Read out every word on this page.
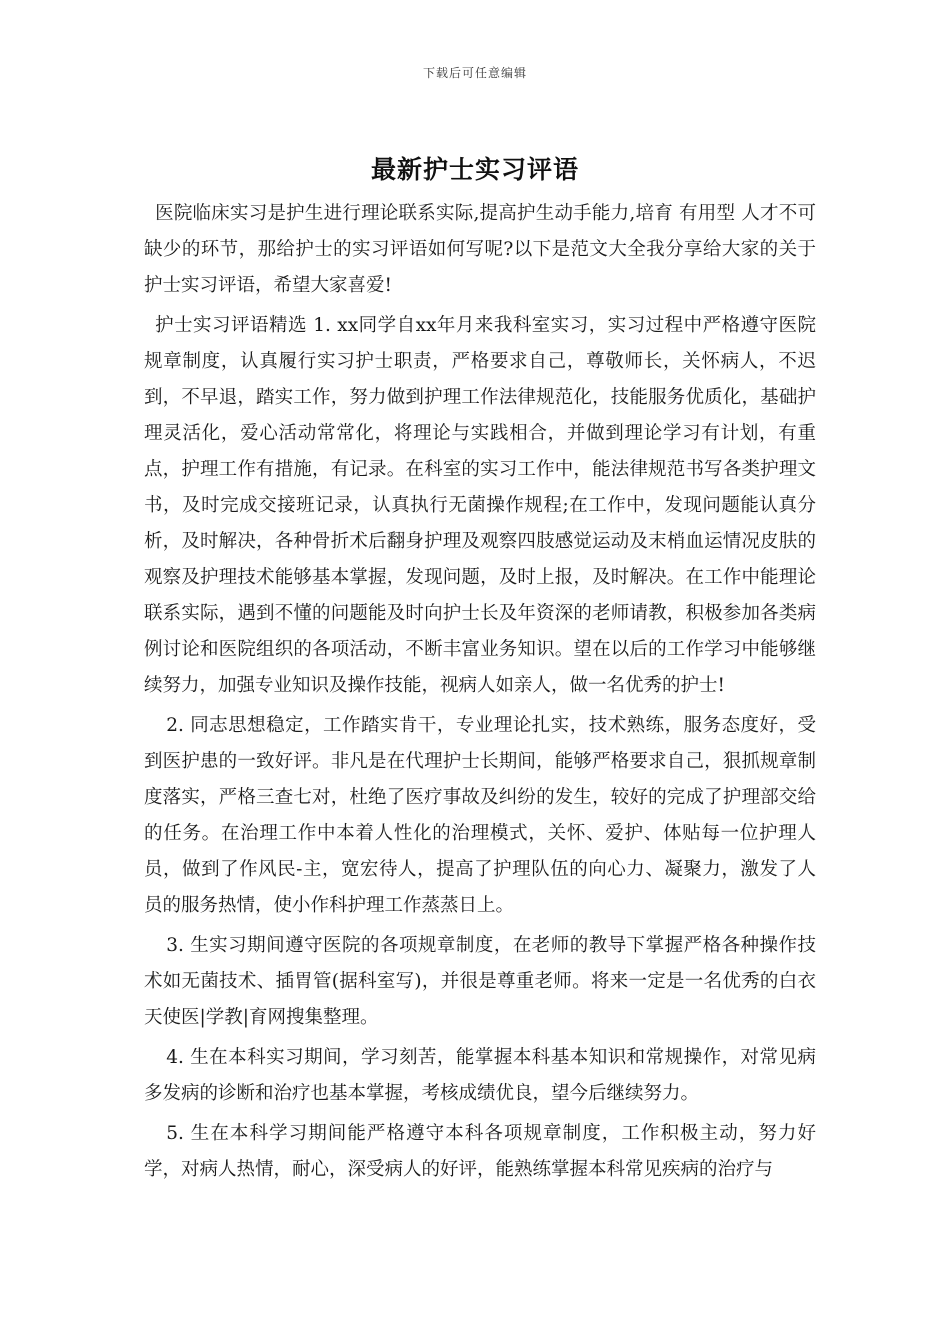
下载后可任意编辑
最新护士实习评语

医院临床实习是护生进行理论联系实际,提高护生动手能力,培育 有用型 人才不可缺少的环节，那给护士的实习评语如何写呢?以下是范文大全我分享给大家的关于护士实习评语，希望大家喜爱!

护士实习评语精选 1. xx同学自xx年月来我科室实习，实习过程中严格遵守医院规章制度，认真履行实习护士职责，严格要求自己，尊敬师长，关怀病人，不迟到，不早退，踏实工作，努力做到护理工作法律规范化，技能服务优质化，基础护理灵活化，爱心活动常常化，将理论与实践相合，并做到理论学习有计划，有重点，护理工作有措施，有记录。在科室的实习工作中，能法律规范书写各类护理文书，及时完成交接班记录，认真执行无菌操作规程;在工作中，发现问题能认真分析，及时解决，各种骨折术后翻身护理及观察四肢感觉运动及末梢血运情况皮肤的观察及护理技术能够基本掌握，发现问题，及时上报，及时解决。在工作中能理论联系实际，遇到不懂的问题能及时向护士长及年资深的老师请教，积极参加各类病例讨论和医院组织的各项活动，不断丰富业务知识。望在以后的工作学习中能够继续努力，加强专业知识及操作技能，视病人如亲人，做一名优秀的护士!

2. 同志思想稳定，工作踏实肯干，专业理论扎实，技术熟练，服务态度好，受到医护患的一致好评。非凡是在代理护士长期间，能够严格要求自己，狠抓规章制度落实，严格三查七对，杜绝了医疗事故及纠纷的发生，较好的完成了护理部交给的任务。在治理工作中本着人性化的治理模式，关怀、爱护、体贴每一位护理人员，做到了作风民-主，宽宏待人，提高了护理队伍的向心力、凝聚力，激发了人员的服务热情，使小作科护理工作蒸蒸日上。

3. 生实习期间遵守医院的各项规章制度，在老师的教导下掌握严格各种操作技术如无菌技术、插胃管(据科室写)，并很是尊重老师。将来一定是一名优秀的白衣天使医|学教|育网搜集整理。

4. 生在本科实习期间，学习刻苦，能掌握本科基本知识和常规操作，对常见病多发病的诊断和治疗也基本掌握，考核成绩优良，望今后继续努力。

5. 生在本科学习期间能严格遵守本科各项规章制度，工作积极主动，努力好学，对病人热情，耐心，深受病人的好评，能熟练掌握本科常见疾病的治疗与
